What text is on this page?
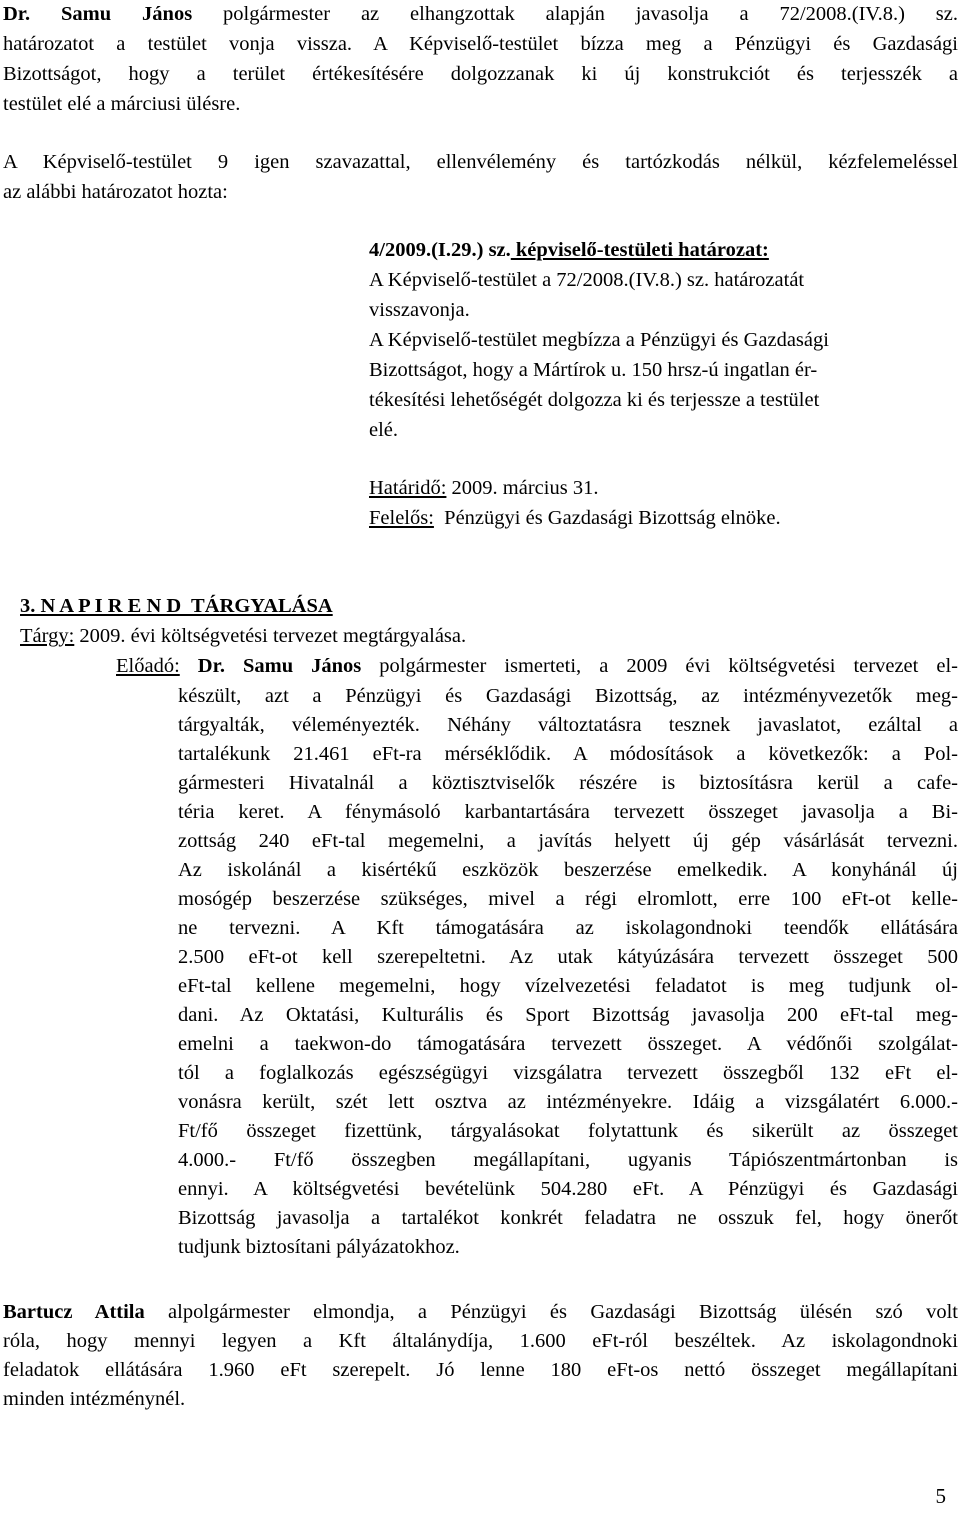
Dr. Samu János polgármester az elhangzottak alapján javasolja a 72/2008.(IV.8.) sz.
határozatot a testület vonja vissza. A Képviselő-testület bízza meg a Pénzügyi és Gazdasági
Bizottságot, hogy a terület értékesítésére dolgozzanak ki új konstrukciót és terjesszék a
testület elé a márciusi ülésre.
A Képviselő-testület 9 igen szavazattal, ellenvélemény és tartózkodás nélkül, kézfelemeléssel
az alábbi határozatot hozta:
4/2009.(I.29.) sz. képviselő-testületi határozat:
A Képviselő-testület a 72/2008.(IV.8.) sz. határozatát
visszavonja.
A Képviselő-testület megbízza a Pénzügyi és Gazdasági
Bizottságot, hogy a Mártírok u. 150 hrsz-ú ingatlan ér-
tékesítési lehetőségét dolgozza ki és terjessze a testület
elé.
Határidő: 2009. március 31.
Felelős:  Pénzügyi és Gazdasági Bizottság elnöke.
3. N A P I R E N D  TÁRGYALÁSA
Tárgy: 2009. évi költségvetési tervezet megtárgyalása.
Előadó: Dr. Samu János polgármester ismerteti, a 2009 évi költségvetési tervezet el-
készült, azt a Pénzügyi és Gazdasági Bizottság, az intézményvezetők meg-
tárgyalták, véleményezték. Néhány változtatásra tesznek javaslatot, ezáltal a
tartalékunk 21.461 eFt-ra mérséklődik. A módosítások a következők: a Pol-
gármesteri Hivatalnál a köztisztviselők részére is biztosításra kerül a cafe-
téria keret. A fénymásoló karbantartására tervezett összeget javasolja a Bi-
zottság 240 eFt-tal megemelni, a javítás helyett új gép vásárlását tervezni.
Az iskolánál a kisértékű eszközök beszerzése emelkedik. A konyhánál új
mosógép beszerzése szükséges, mivel a régi elromlott, erre 100 eFt-ot kelle-
ne tervezni. A Kft támogatására az iskolagondnoki teendők ellátására
2.500 eFt-ot kell szerepeltetni. Az utak kátyúzására tervezett összeget 500
eFt-tal kellene megemelni, hogy vízelvezetési feladatot is meg tudjunk ol-
dani. Az Oktatási, Kulturális és Sport Bizottság javasolja 200 eFt-tal meg-
emelni a taekwon-do támogatására tervezett összeget. A védőnői szolgálat-
tól a foglalkozás egészségügyi vizsgálatra tervezett összegből 132 eFt el-
vonásra került, szét lett osztva az intézményekre. Idáig a vizsgálatért 6.000.-
Ft/fő összeget fizettünk, tárgyalásokat folytattunk és sikerült az összeget
4.000.- Ft/fő összegben megállapítani, ugyanis Tápiószentmártonban is
ennyi. A költségvetési bevételünk 504.280 eFt. A Pénzügyi és Gazdasági
Bizottság javasolja a tartalékot konkrét feladatra ne osszuk fel, hogy önerőt
tudjunk biztosítani pályázatokhoz.
Bartucz Attila alpolgármester elmondja, a Pénzügyi és Gazdasági Bizottság ülésén szó volt
róla, hogy mennyi legyen a Kft általánydíja, 1.600 eFt-ról beszéltek. Az iskolagondnoki
feladatok ellátására 1.960 eFt szerepelt. Jó lenne 180 eFt-os nettó összeget megállapítani
minden intézménynél.
5
